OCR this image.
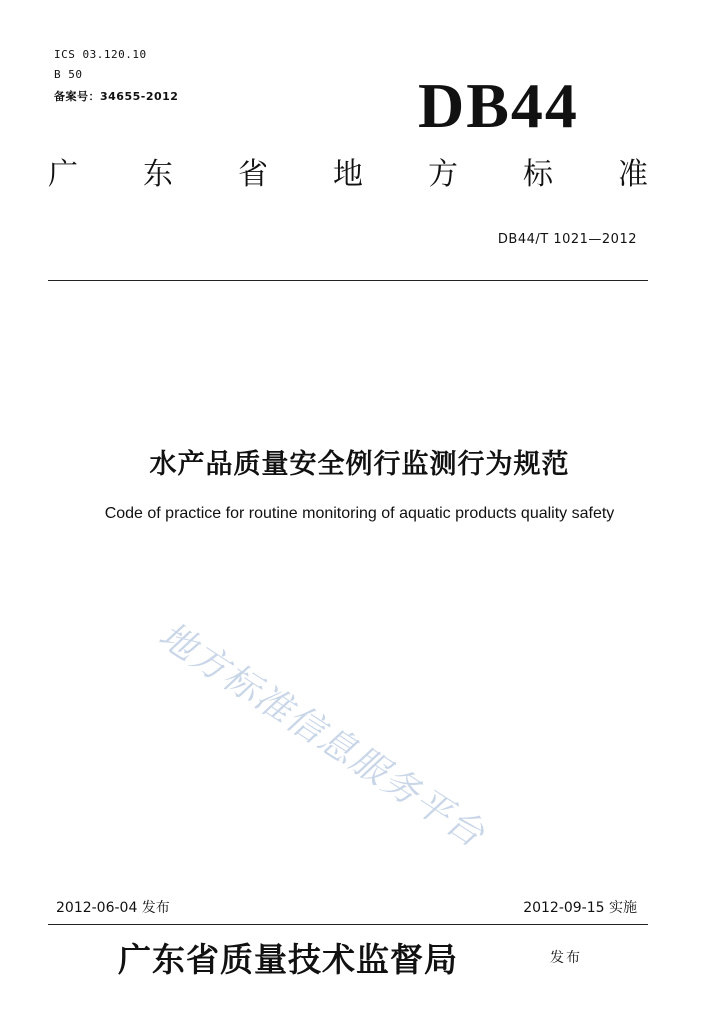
ICS 03.120.10
B 50
备案号：34655-2012	DB44
广 东 省 地 方 标 准
DB44/T 1021—2012
水产品质量安全例行监测行为规范
Code of practice for routine monitoring of aquatic products quality safety
地方标准信息服务平台
2012-06-04 发布	2012-09-15 实施
广东省质量技术监督局	发布
